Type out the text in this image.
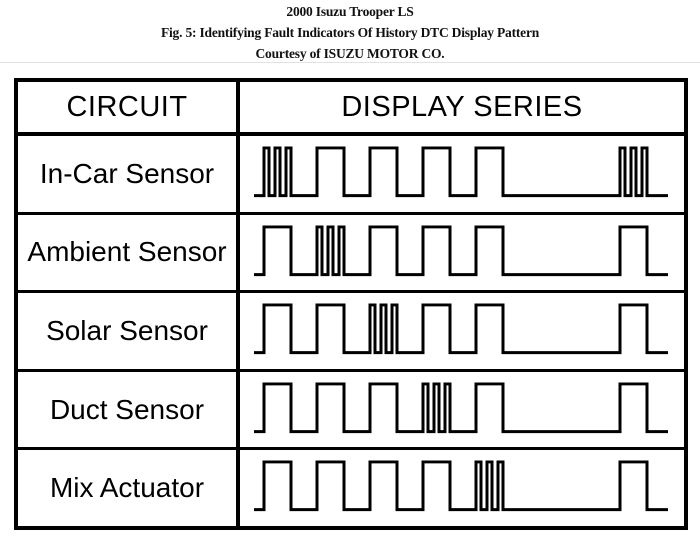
2000 Isuzu Trooper LS
Fig. 5: Identifying Fault Indicators Of History DTC Display Pattern
Courtesy of ISUZU MOTOR CO.
CIRCUIT	DISPLAY SERIES
In-Car Sensor
Ambient Sensor
Solar Sensor
Duct Sensor
Mix Actuator
